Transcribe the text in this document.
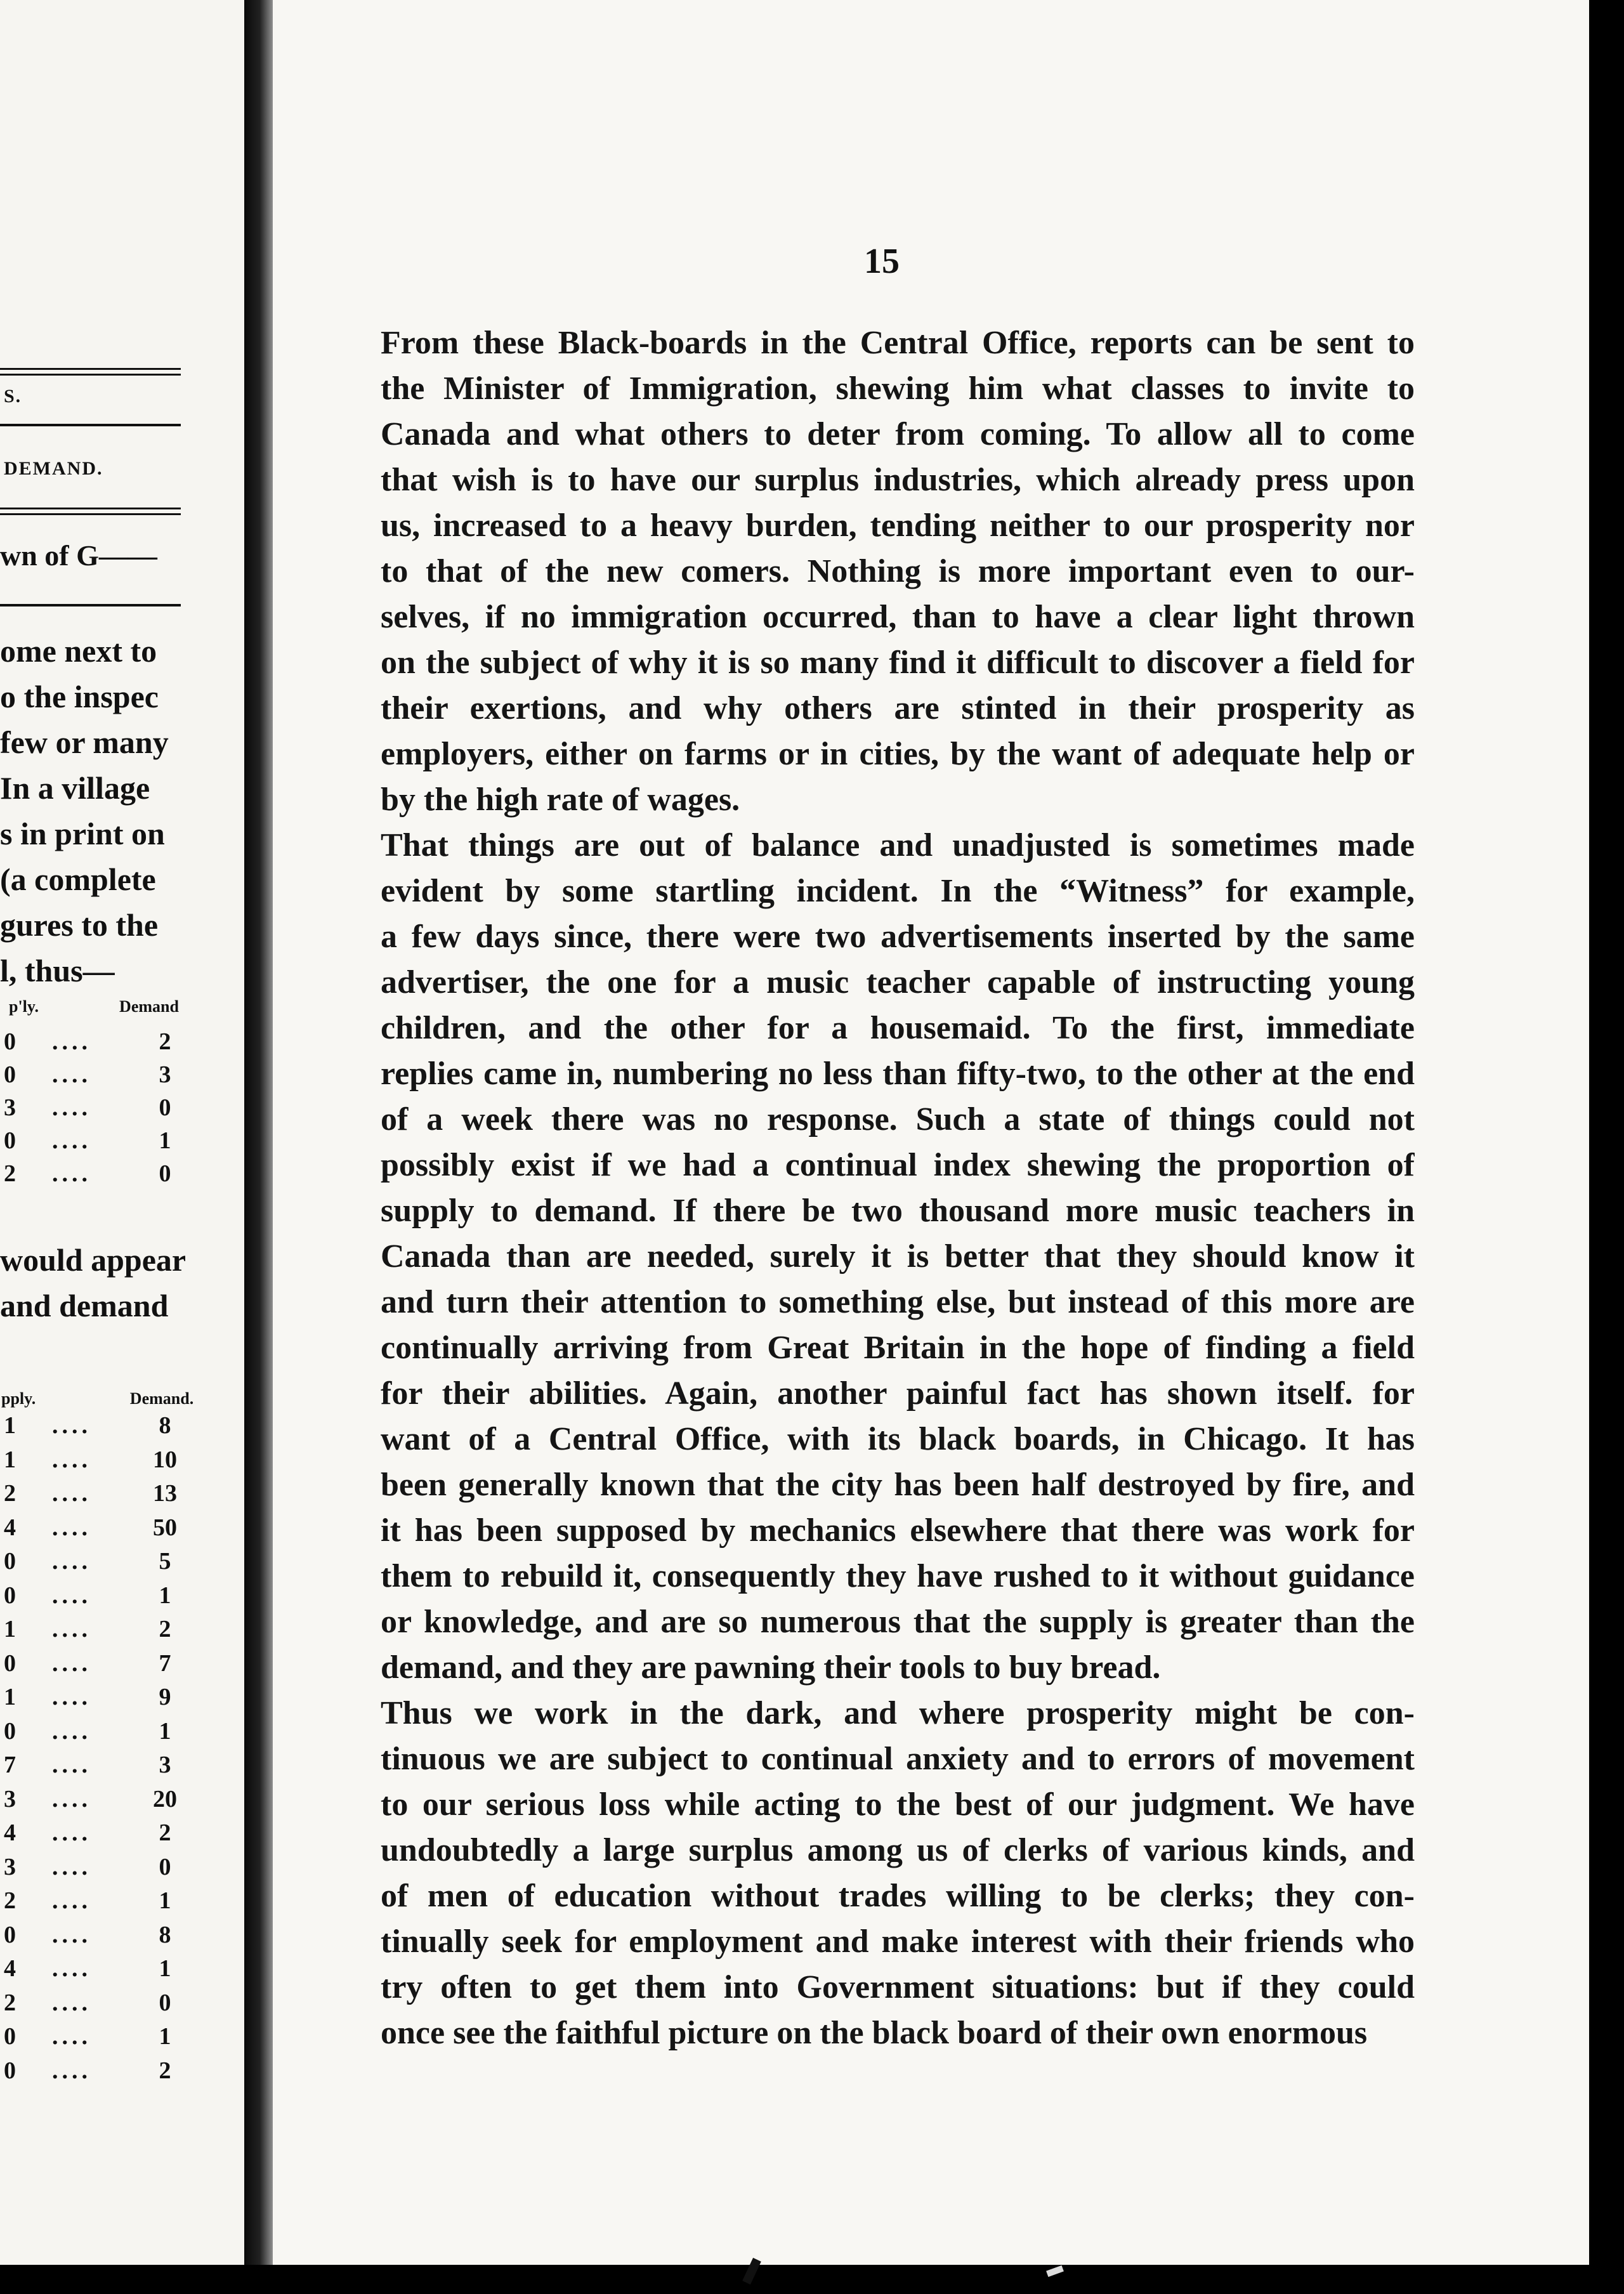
S.
DEMAND.
wn of G——
p'ly.	Demand
pply.	Demand.
ome next to
o the inspec
few or many
In a village
s in print on
(a complete
gures to the
l, thus—
0 ....	2
0 ....	3
3 ....	0
0 ....	1
2 ....	0
would appear
and demand
1 ....	8
1 ....	10
2 ....	13
4 ....	50
0 ....	5
0 ....	1
1 ....	2
0 ....	7
1 ....	9
0 ....	1
7 ....	3
3 ....	20
4 ....	2
3 ....	0
2 ....	1
0 ....	8
4 ....	1
2 ....	0
0 ....	1
0 ....	2
15

From these Black-boards in the Central Office, reports can be sent to
the Minister of Immigration, shewing him what classes to invite to
Canada and what others to deter from coming. To allow all to come
that wish is to have our surplus industries, which already press upon
us, increased to a heavy burden, tending neither to our prosperity nor
to that of the new comers. Nothing is more important even to our-
selves, if no immigration occurred, than to have a clear light thrown
on the subject of why it is so many find it difficult to discover a field for
their exertions, and why others are stinted in their prosperity as
employers, either on farms or in cities, by the want of adequate help or
by the high rate of wages.

That things are out of balance and unadjusted is sometimes made
evident by some startling incident. In the “Witness” for example,
a few days since, there were two advertisements inserted by the same
advertiser, the one for a music teacher capable of instructing young
children, and the other for a housemaid. To the first, immediate
replies came in, numbering no less than fifty-two, to the other at the end
of a week there was no response. Such a state of things could not
possibly exist if we had a continual index shewing the proportion of
supply to demand. If there be two thousand more music teachers in
Canada than are needed, surely it is better that they should know it
and turn their attention to something else, but instead of this more are
continually arriving from Great Britain in the hope of finding a field
for their abilities. Again, another painful fact has shown itself. for
want of a Central Office, with its black boards, in Chicago. It has
been generally known that the city has been half destroyed by fire, and
it has been supposed by mechanics elsewhere that there was work for
them to rebuild it, consequently they have rushed to it without guidance
or knowledge, and are so numerous that the supply is greater than the
demand, and they are pawning their tools to buy bread.

Thus we work in the dark, and where prosperity might be con-
tinuous we are subject to continual anxiety and to errors of movement
to our serious loss while acting to the best of our judgment. We have
undoubtedly a large surplus among us of clerks of various kinds, and
of men of education without trades willing to be clerks; they con-
tinually seek for employment and make interest with their friends who
try often to get them into Government situations: but if they could
once see the faithful picture on the black board of their own enormous
